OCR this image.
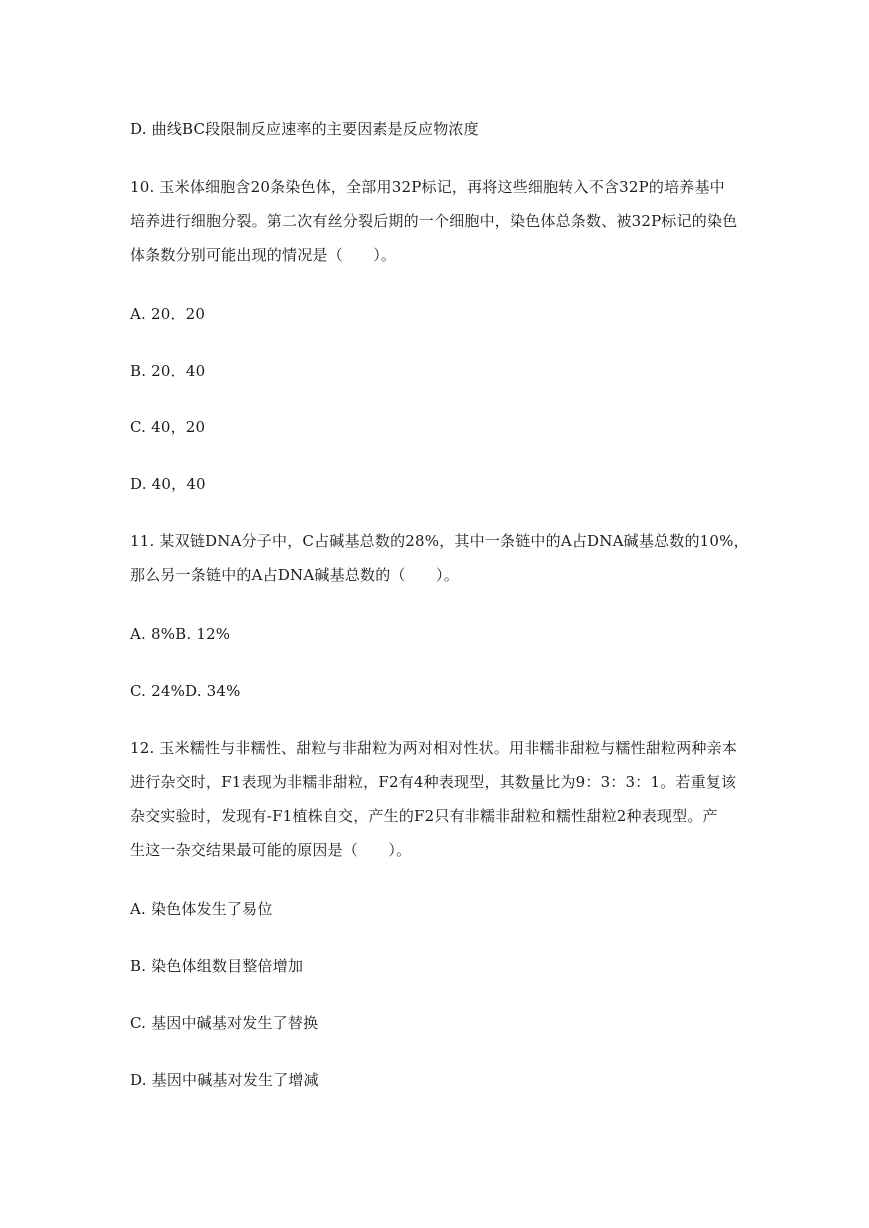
D. 曲线BC段限制反应速率的主要因素是反应物浓度
10. 玉米体细胞含20条染色体，全部用32P标记，再将这些细胞转入不含32P的培养基中
培养进行细胞分裂。第二次有丝分裂后期的一个细胞中，染色体总条数、被32P标记的染色
体条数分别可能出现的情况是（　　）。
A. 20．20
B. 20．40
C. 40，20
D. 40，40
11. 某双链DNA分子中，C占碱基总数的28%，其中一条链中的A占DNA碱基总数的10%，
那么另一条链中的A占DNA碱基总数的（　　）。
A. 8%B. 12%
C. 24%D. 34%
12. 玉米糯性与非糯性、甜粒与非甜粒为两对相对性状。用非糯非甜粒与糯性甜粒两种亲本
进行杂交时，F1表现为非糯非甜粒，F2有4种表现型，其数量比为9：3：3：1。若重复该
杂交实验时，发现有-F1植株自交，产生的F2只有非糯非甜粒和糯性甜粒2种表现型。产
生这一杂交结果最可能的原因是（　　）。
A. 染色体发生了易位
B. 染色体组数目整倍增加
C. 基因中碱基对发生了替换
D. 基因中碱基对发生了增减
